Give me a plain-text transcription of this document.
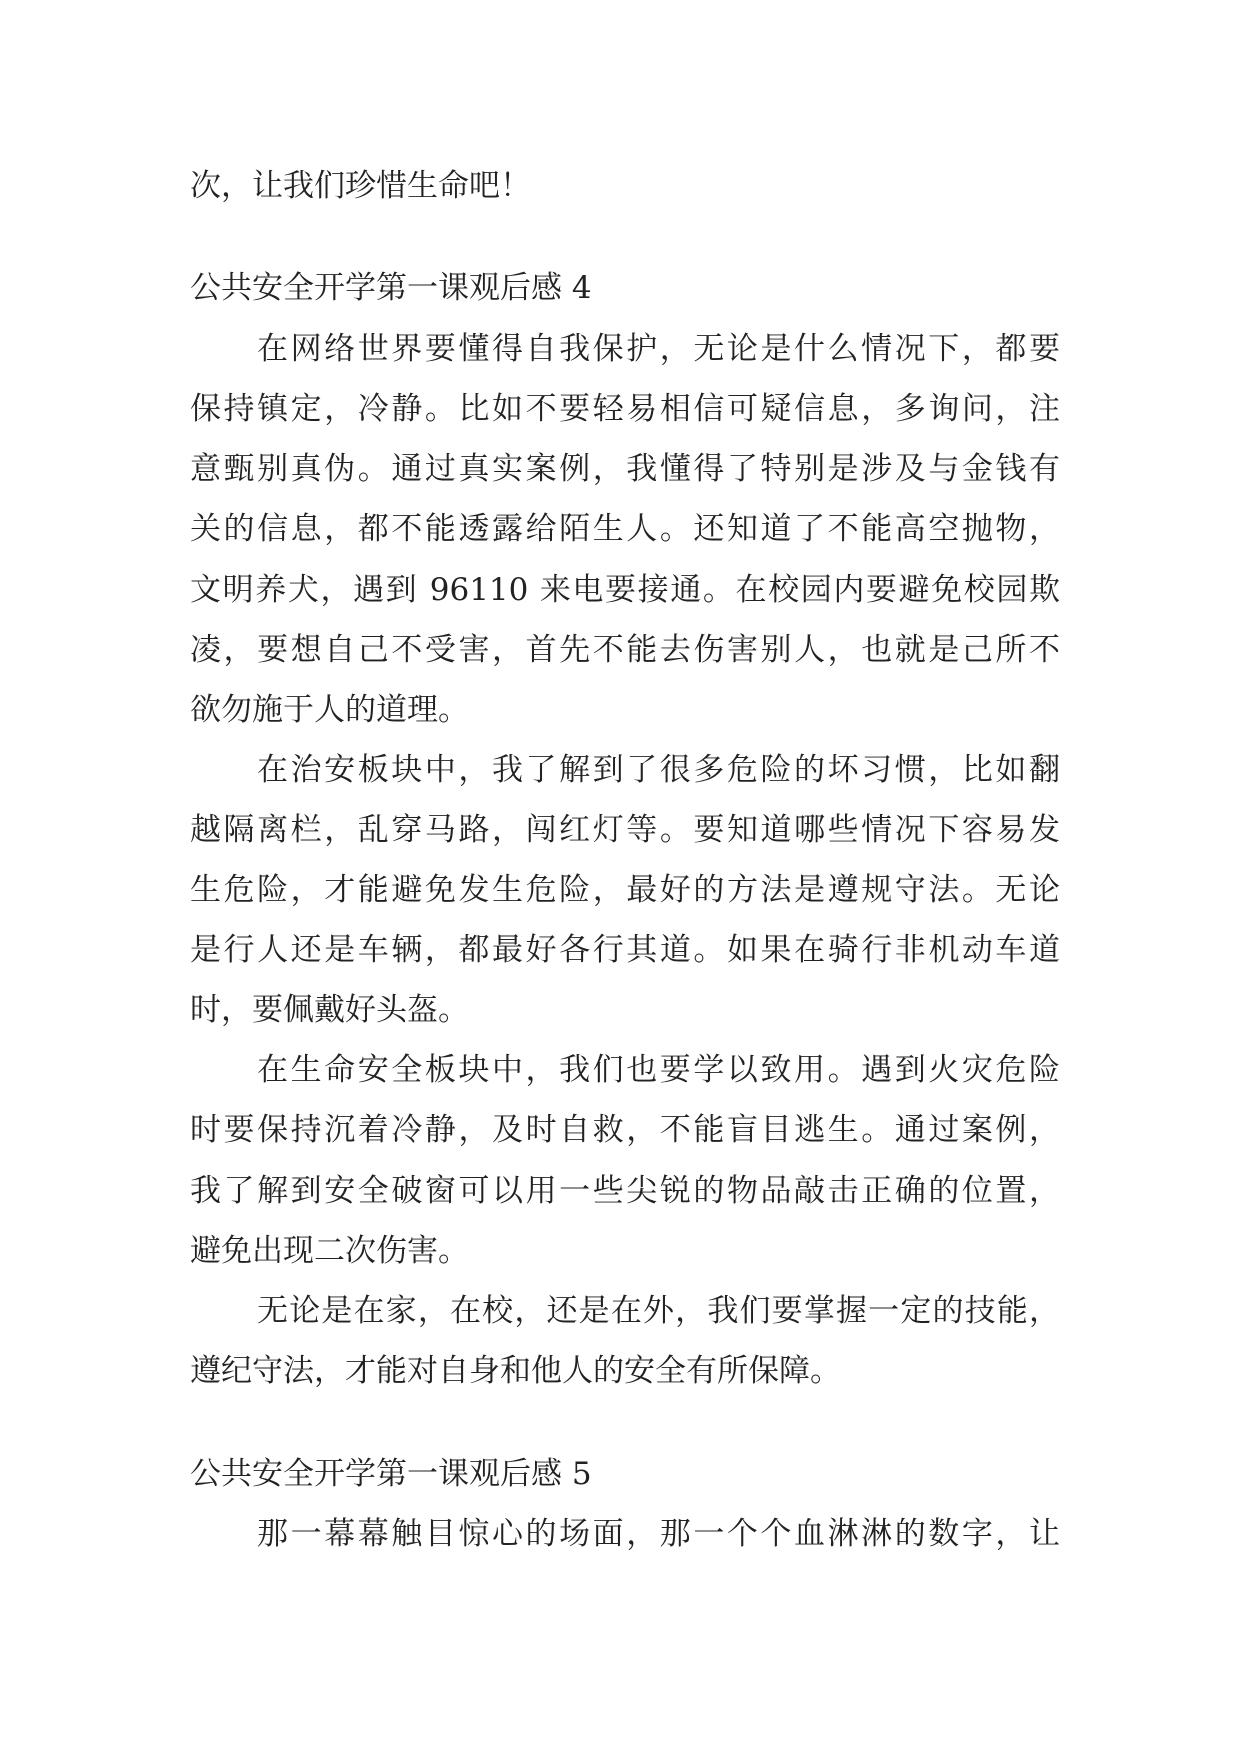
次，让我们珍惜生命吧！

公共安全开学第一课观后感 4

在网络世界要懂得自我保护，无论是什么情况下，都要

保持镇定，冷静。比如不要轻易相信可疑信息，多询问，注

意甄别真伪。通过真实案例，我懂得了特别是涉及与金钱有

关的信息，都不能透露给陌生人。还知道了不能高空抛物，

文明养犬，遇到 96110 来电要接通。在校园内要避免校园欺

凌，要想自己不受害，首先不能去伤害别人，也就是己所不

欲勿施于人的道理。

在治安板块中，我了解到了很多危险的坏习惯，比如翻

越隔离栏，乱穿马路，闯红灯等。要知道哪些情况下容易发

生危险，才能避免发生危险，最好的方法是遵规守法。无论

是行人还是车辆，都最好各行其道。如果在骑行非机动车道

时，要佩戴好头盔。

在生命安全板块中，我们也要学以致用。遇到火灾危险

时要保持沉着冷静，及时自救，不能盲目逃生。通过案例，

我了解到安全破窗可以用一些尖锐的物品敲击正确的位置，

避免出现二次伤害。

无论是在家，在校，还是在外，我们要掌握一定的技能，

遵纪守法，才能对自身和他人的安全有所保障。

公共安全开学第一课观后感 5

那一幕幕触目惊心的场面，那一个个血淋淋的数字，让
